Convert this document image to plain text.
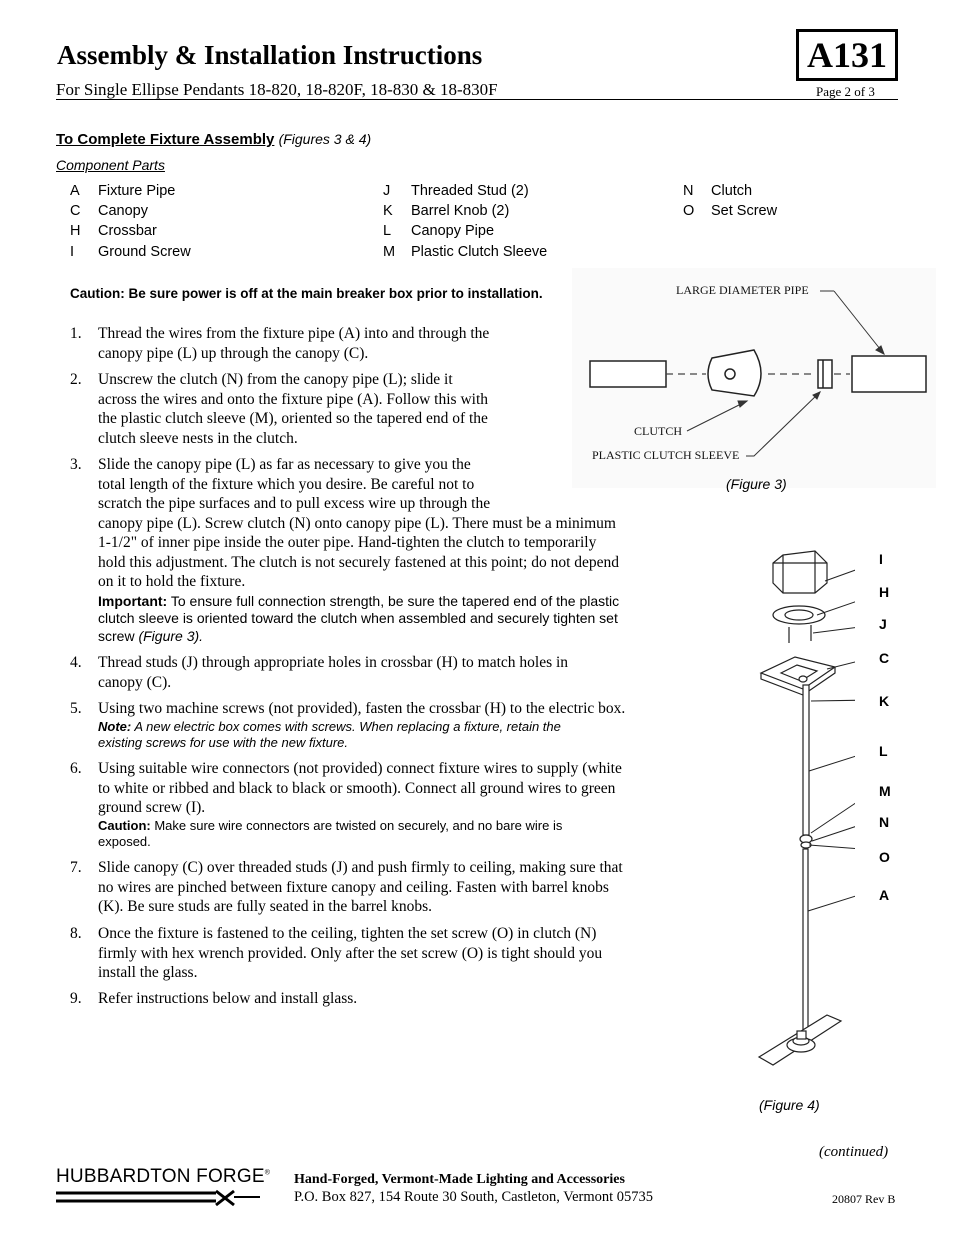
Assembly & Installation Instructions
For Single Ellipse Pendants 18-820, 18-820F, 18-830 & 18-830F	Page 2 of 3
A131
To Complete Fixture Assembly (Figures 3 & 4)
Component Parts
A Fixture Pipe
C Canopy
H Crossbar
I Ground Screw
J Threaded Stud (2)
K Barrel Knob (2)
L Canopy Pipe
M Plastic Clutch Sleeve
N Clutch
O Set Screw
Caution: Be sure power is off at the main breaker box prior to installation.
1. Thread the wires from the fixture pipe (A) into and through the
canopy pipe (L) up through the canopy (C).
2. Unscrew the clutch (N) from the canopy pipe (L); slide it
across the wires and onto the fixture pipe (A). Follow this with
the plastic clutch sleeve (M), oriented so the tapered end of the
clutch sleeve nests in the clutch.
3. Slide the canopy pipe (L) as far as necessary to give you the
total length of the fixture which you desire. Be careful not to
scratch the pipe surfaces and to pull excess wire up through the
canopy pipe (L). Screw clutch (N) onto canopy pipe (L). There must be a minimum
1-1/2" of inner pipe inside the outer pipe. Hand-tighten the clutch to temporarily
hold this adjustment. The clutch is not securely fastened at this point; do not depend
on it to hold the fixture.
Important: To ensure full connection strength, be sure the tapered end of the plastic
clutch sleeve is oriented toward the clutch when assembled and securely tighten set
screw (Figure 3).
4. Thread studs (J) through appropriate holes in crossbar (H) to match holes in
canopy (C).
5. Using two machine screws (not provided), fasten the crossbar (H) to the electric box.
Note: A new electric box comes with screws. When replacing a fixture, retain the
existing screws for use with the new fixture.
6. Using suitable wire connectors (not provided) connect fixture wires to supply (white
to white or ribbed and black to black or smooth). Connect all ground wires to green
ground screw (I).
Caution: Make sure wire connectors are twisted on securely, and no bare wire is
exposed.
7. Slide canopy (C) over threaded studs (J) and push firmly to ceiling, making sure that
no wires are pinched between fixture canopy and ceiling. Fasten with barrel knobs
(K). Be sure studs are fully seated in the barrel knobs.
8. Once the fixture is fastened to the ceiling, tighten the set screw (O) in clutch (N)
firmly with hex wrench provided. Only after the set screw (O) is tight should you
install the glass.
9. Refer instructions below and install glass.
LARGE DIAMETER PIPE
CLUTCH
PLASTIC CLUTCH SLEEVE
(Figure 3)
I
H
J
C
K
L
M
N
O
A
(Figure 4)
(continued)
HUBBARDTON FORGE® Hand-Forged, Vermont-Made Lighting and Accessories
P.O. Box 827, 154 Route 30 South, Castleton, Vermont 05735	20807 Rev B
